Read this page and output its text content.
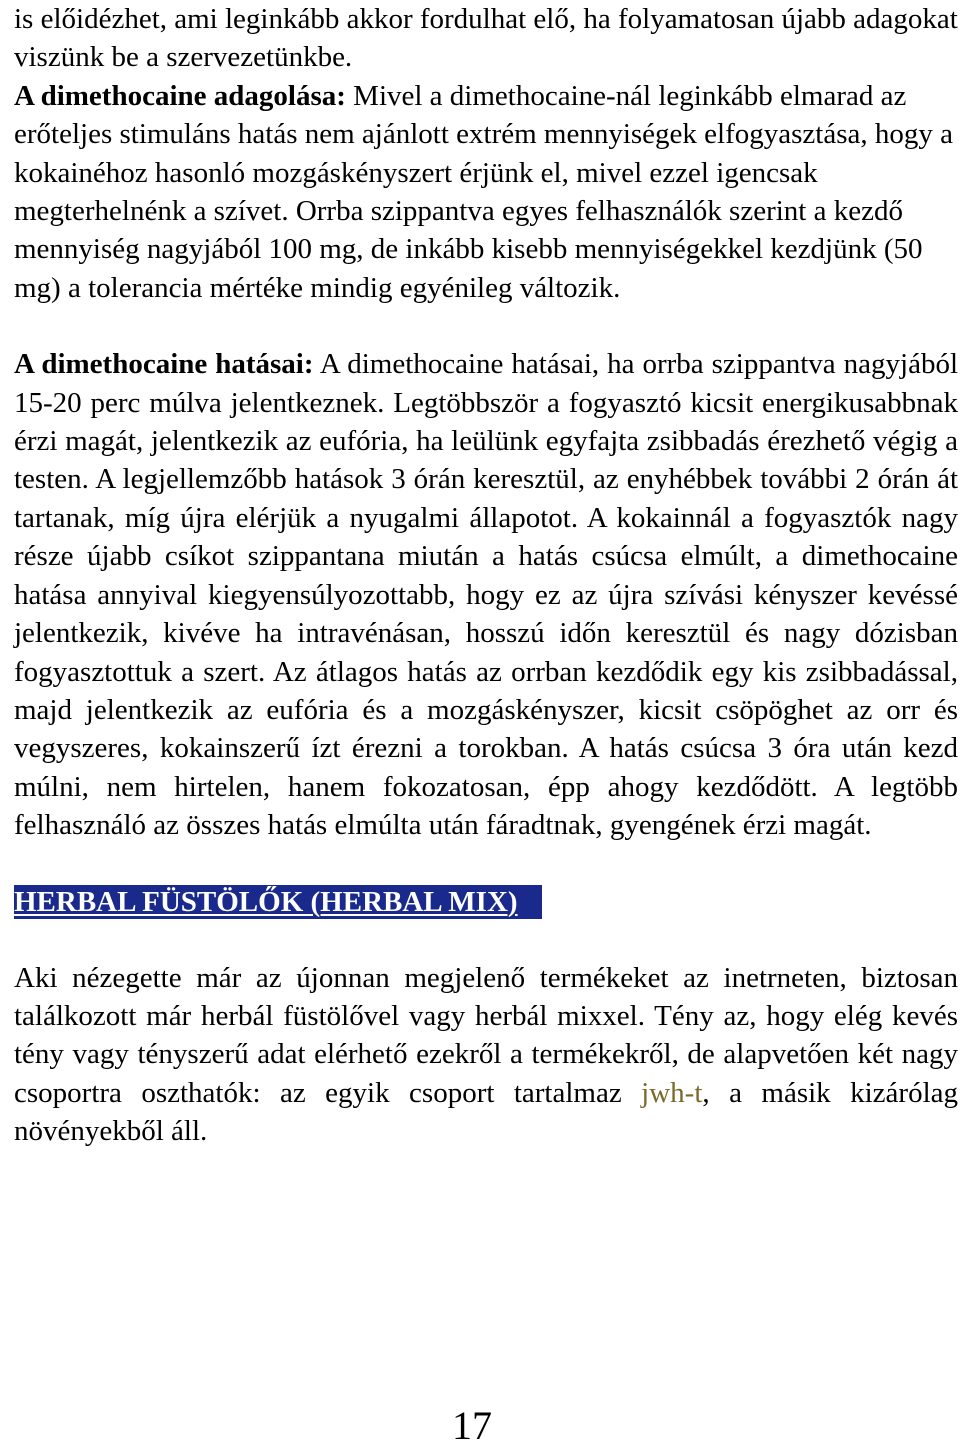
is előidézhet, ami leginkább akkor fordulhat elő, ha folyamatosan újabb adagokat viszünk be a szervezetünkbe.

A dimethocaine adagolása: Mivel a dimethocaine-nál leginkább elmarad az erőteljes stimuláns hatás nem ajánlott extrém mennyiségek elfogyasztása, hogy a kokainéhoz hasonló mozgáskényszert érjünk el, mivel ezzel igencsak megterhelnénk a szívet. Orrba szippantva egyes felhasználók szerint a kezdő mennyiség nagyjából 100 mg, de inkább kisebb mennyiségekkel kezdjünk (50 mg) a tolerancia mértéke mindig egyénileg változik.

A dimethocaine hatásai: A dimethocaine hatásai, ha orrba szippantva nagyjából 15-20 perc múlva jelentkeznek. Legtöbbször a fogyasztó kicsit energikusabbnak érzi magát, jelentkezik az eufória, ha leülünk egyfajta zsibbadás érezhető végig a testen. A legjellemzőbb hatások 3 órán keresztül, az enyhébbek további 2 órán át tartanak, míg újra elérjük a nyugalmi állapotot. A kokainnál a fogyasztók nagy része újabb csíkot szippantana miután a hatás csúcsa elmúlt, a dimethocaine hatása annyival kiegyensúlyozottabb, hogy ez az újra szívási kényszer kevéssé jelentkezik, kivéve ha intravénásan, hosszú időn keresztül és nagy dózisban fogyasztottuk a szert. Az átlagos hatás az orrban kezdődik egy kis zsibbadással, majd jelentkezik az eufória és a mozgáskényszer, kicsit csöpöghet az orr és vegyszeres, kokainszerű ízt érezni a torokban. A hatás csúcsa 3 óra után kezd múlni, nem hirtelen, hanem fokozatosan, épp ahogy kezdődött. A legtöbb felhasználó az összes hatás elmúlta után fáradtnak, gyengének érzi magát.

HERBAL FÜSTÖLŐK (HERBAL MIX)

Aki nézegette már az újonnan megjelenő termékeket az inetrneten, biztosan találkozott már herbál füstölővel vagy herbál mixxel. Tény az, hogy elég kevés tény vagy tényszerű adat elérhető ezekről a termékekről, de alapvetően két nagy csoportra oszthatók: az egyik csoport tartalmaz jwh-t, a másik kizárólag növényekből áll.

17
